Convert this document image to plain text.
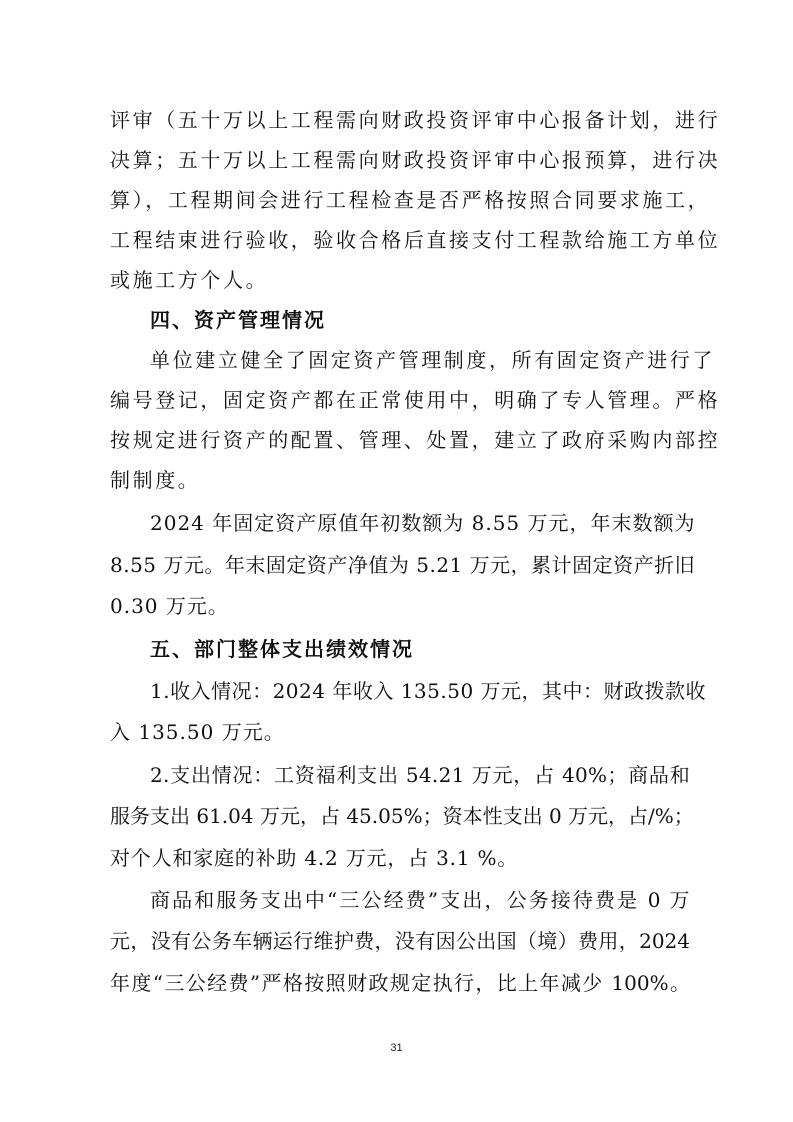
评审（五十万以上工程需向财政投资评审中心报备计划，进行
决算；五十万以上工程需向财政投资评审中心报预算，进行决
算），工程期间会进行工程检查是否严格按照合同要求施工，
工程结束进行验收，验收合格后直接支付工程款给施工方单位
或施工方个人。
四、资产管理情况
单位建立健全了固定资产管理制度，所有固定资产进行了
编号登记，固定资产都在正常使用中，明确了专人管理。严格
按规定进行资产的配置、管理、处置，建立了政府采购内部控
制制度。
2024 年固定资产原值年初数额为 8.55 万元，年末数额为
8.55 万元。年末固定资产净值为 5.21 万元，累计固定资产折旧
0.30 万元。
五、部门整体支出绩效情况
1.收入情况：2024 年收入 135.50 万元，其中：财政拨款收
入 135.50 万元。
2.支出情况：工资福利支出 54.21 万元，占 40%；商品和
服务支出 61.04 万元，占 45.05%；资本性支出 0 万元，占/%；
对个人和家庭的补助 4.2 万元，占 3.1 %。
商品和服务支出中“三公经费”支出，公务接待费是 0 万
元，没有公务车辆运行维护费，没有因公出国（境）费用，2024
年度“三公经费”严格按照财政规定执行，比上年减少 100%。
31
